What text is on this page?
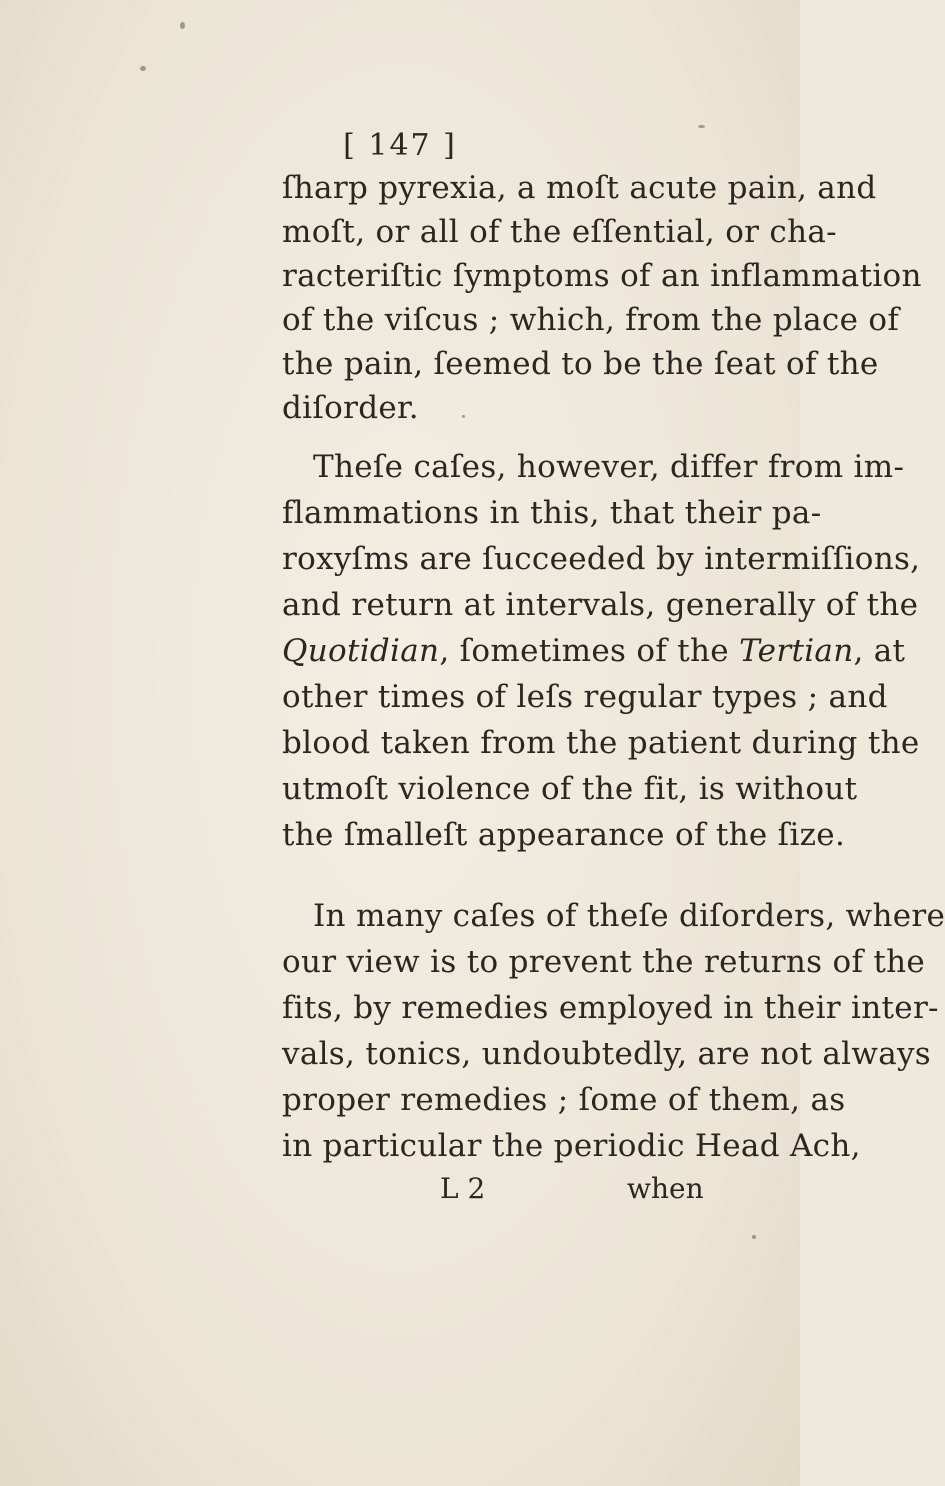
[ 147 ]
ſharp pyrexia, a moſt acute pain, and
moſt, or all of the eſſential, or cha-
racteriſtic ſymptoms of an inflammation
of the viſcus ; which, from the place of
the pain, ſeemed to be the ſeat of the
diſorder.
Theſe caſes, however, differ from im-
flammations in this, that their pa-
roxyſms are ſucceeded by intermiſſions,
and return at intervals, generally of the
Quotidian, ſometimes of the Tertian, at
other times of leſs regular types ; and
blood taken from the patient during the
utmoſt violence of the fit, is without
the ſmalleſt appearance of the ſize.
In many caſes of theſe diſorders, where
our view is to prevent the returns of the
fits, by remedies employed in their inter-
vals, tonics, undoubtedly, are not always
proper remedies ; ſome of them, as
in particular the periodic Head Ach,
L 2	when
